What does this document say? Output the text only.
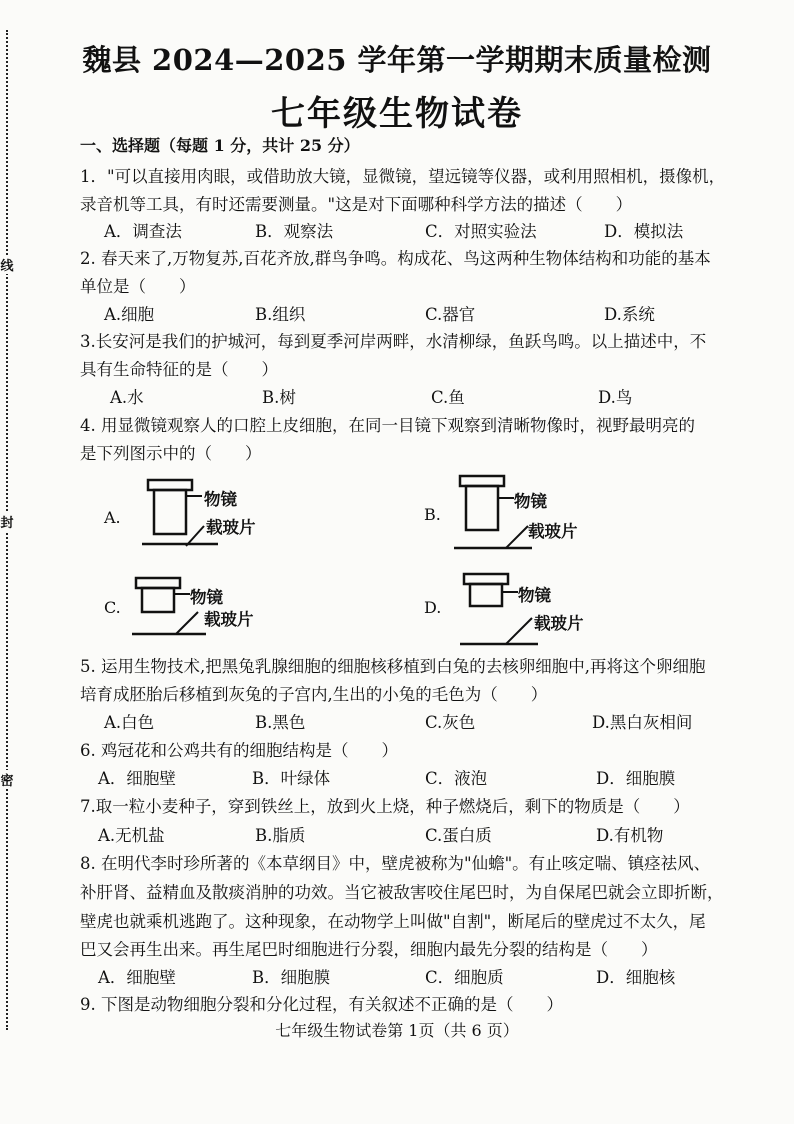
线
封
密
魏县 2024—2025 学年第一学期期末质量检测
七年级生物试卷
一、选择题（每题 1 分，共计 25 分）
1．"可以直接用肉眼，或借助放大镜，显微镜，望远镜等仪器，或利用照相机，摄像机，
录音机等工具，有时还需要测量。"这是对下面哪种科学方法的描述（　　）
A．调查法	B．观察法	C．对照实验法	D．模拟法
2. 春天来了,万物复苏,百花齐放,群鸟争鸣。构成花、鸟这两种生物体结构和功能的基本
单位是（　　）
A.细胞	B.组织	C.器官	D.系统
3.长安河是我们的护城河，每到夏季河岸两畔，水清柳绿，鱼跃鸟鸣。以上描述中，不
具有生命特征的是（　　）
A.水	B.树	C.鱼	D.鸟
4. 用显微镜观察人的口腔上皮细胞，在同一目镜下观察到清晰物像时，视野最明亮的
是下列图示中的（　　）
A.
物镜
载玻片
B.
物镜
载玻片
C.
物镜
载玻片
D.
物镜
载玻片
5. 运用生物技术,把黑兔乳腺细胞的细胞核移植到白兔的去核卵细胞中,再将这个卵细胞
培育成胚胎后移植到灰兔的子宫内,生出的小兔的毛色为（　　）
A.白色	B.黑色	C.灰色	D.黑白灰相间
6. 鸡冠花和公鸡共有的细胞结构是（　　）
A．细胞壁	B．叶绿体	C．液泡	D．细胞膜
7.取一粒小麦种子，穿到铁丝上，放到火上烧，种子燃烧后，剩下的物质是（　　）
A.无机盐	B.脂质	C.蛋白质	D.有机物
8. 在明代李时珍所著的《本草纲目》中，壁虎被称为"仙蟾"。有止咳定喘、镇痉祛风、
补肝肾、益精血及散痰消肿的功效。当它被敌害咬住尾巴时，为自保尾巴就会立即折断，
壁虎也就乘机逃跑了。这种现象，在动物学上叫做"自割"，断尾后的壁虎过不太久，尾
巴又会再生出来。再生尾巴时细胞进行分裂，细胞内最先分裂的结构是（　　）
A．细胞壁	B．细胞膜	C．细胞质	D．细胞核
9. 下图是动物细胞分裂和分化过程，有关叙述不正确的是（　　）
七年级生物试卷第 1页（共 6 页）
